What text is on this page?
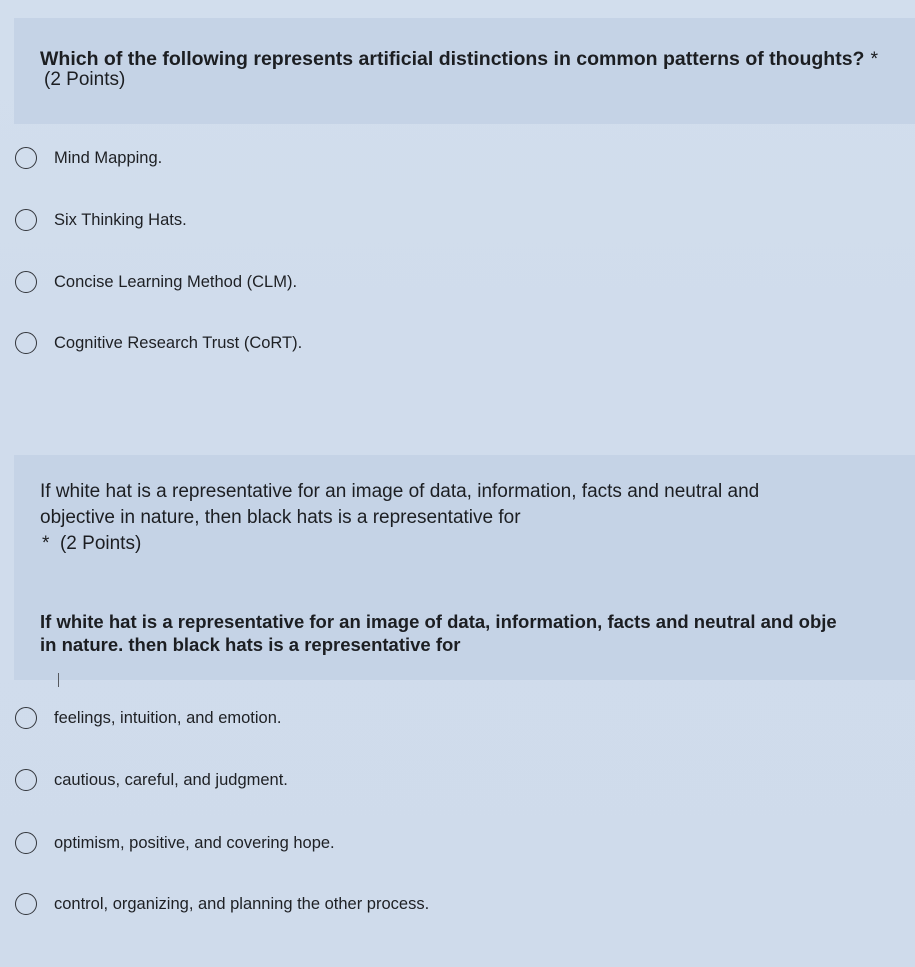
Which of the following represents artificial distinctions in common patterns of thoughts? *
(2 Points)
Mind Mapping.
Six Thinking Hats.
Concise Learning Method (CLM).
Cognitive Research Trust (CoRT).
If white hat is a representative for an image of data, information, facts and neutral and
objective in nature, then black hats is a representative for
* (2 Points)
If white hat is a representative for an image of data, information, facts and neutral and obje
in nature. then black hats is a representative for
feelings, intuition, and emotion.
cautious, careful, and judgment.
optimism, positive, and covering hope.
control, organizing, and planning the other process.
